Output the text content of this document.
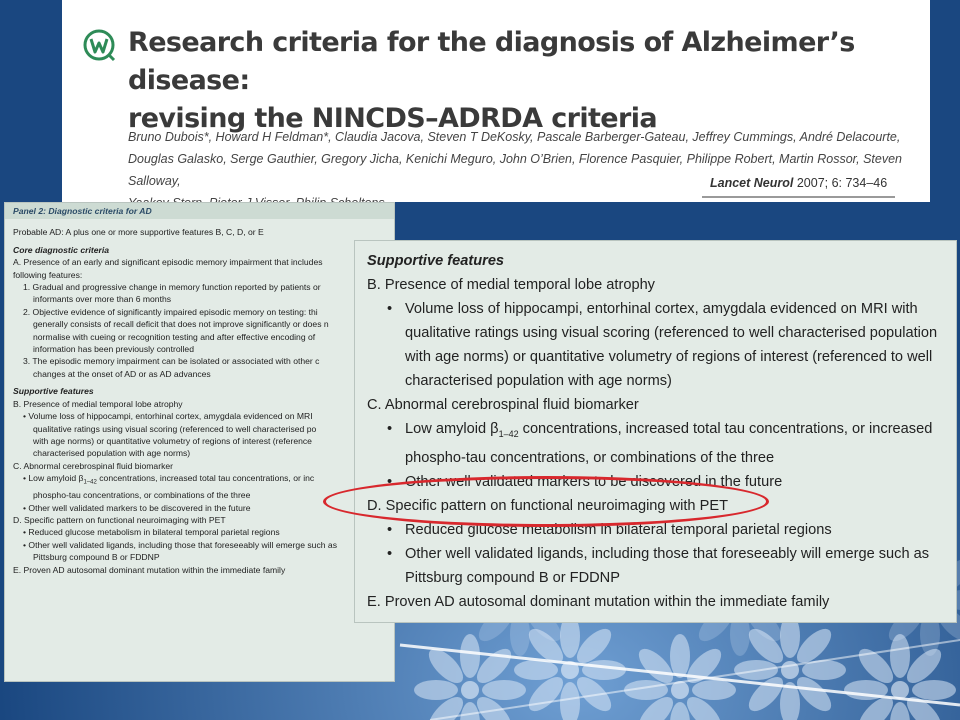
Research criteria for the diagnosis of Alzheimer’s disease:
revising the NINCDS–ADRDA criteria

Bruno Dubois*, Howard H Feldman*, Claudia Jacova, Steven T DeKosky, Pascale Barberger-Gateau, Jeffrey Cummings, André Delacourte,
Douglas Galasko, Serge Gauthier, Gregory Jicha, Kenichi Meguro, John O’Brien, Florence Pasquier, Philippe Robert, Martin Rossor, Steven Salloway,	Lancet Neurol 2007; 6: 734–46
Panel 2: Diagnostic criteria for AD

Probable AD: A plus one or more supportive features B, C, D, or E

Core diagnostic criteria

A. Presence of an early and significant episodic memory impairment that includes

following features:

1. Gradual and progressive change in memory function reported by patients or

informants over more than 6 months

2. Objective evidence of significantly impaired episodic memory on testing: thi

generally consists of recall deficit that does not improve significantly or does n

normalise with cueing or recognition testing and after effective encoding of

information has been previously controlled

3. The episodic memory impairment can be isolated or associated with other c

changes at the onset of AD or as AD advances

Supportive features

B. Presence of medial temporal lobe atrophy

• Volume loss of hippocampi, entorhinal cortex, amygdala evidenced on MRI

qualitative ratings using visual scoring (referenced to well characterised po

with age norms) or quantitative volumetry of regions of interest (reference

characterised population with age norms)

C. Abnormal cerebrospinal fluid biomarker

• Low amyloid $\beta_{1-42}$ concentrations, increased total tau concentrations, or inc

phospho-tau concentrations, or combinations of the three

• Other well validated markers to be discovered in the future

D. Specific pattern on functional neuroimaging with PET

• Reduced glucose metabolism in bilateral temporal parietal regions

• Other well validated ligands, including those that foreseeably will emerge such as

Pittsburg compound B or FDDNP

E. Proven AD autosomal dominant mutation within the immediate family

Supportive features

B. Presence of medial temporal lobe atrophy

• Volume loss of hippocampi, entorhinal cortex, amygdala evidenced on MRI with

qualitative ratings using visual scoring (referenced to well characterised population

with age norms) or quantitative volumetry of regions of interest (referenced to well

characterised population with age norms)

C. Abnormal cerebrospinal fluid biomarker

• Low amyloid $\beta_{1-42}$ concentrations, increased total tau concentrations, or increased

phospho-tau concentrations, or combinations of the three

• Other well validated markers to be discovered in the future

D. Specific pattern on functional neuroimaging with PET

• Reduced glucose metabolism in bilateral temporal parietal regions

• Other well validated ligands, including those that foreseeably will emerge such as

Pittsburg compound B or FDDNP

E. Proven AD autosomal dominant mutation within the immediate family
